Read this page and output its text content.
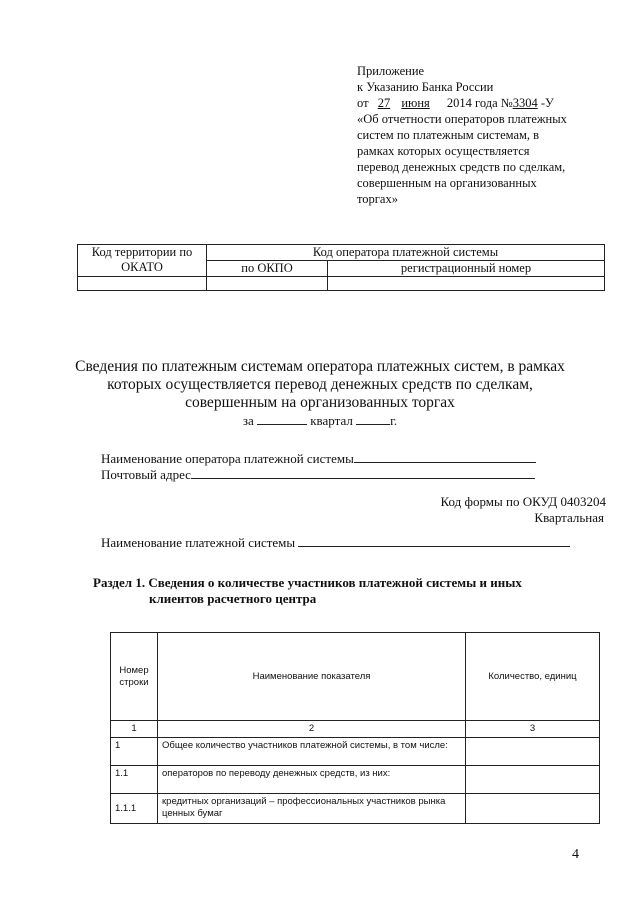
Приложение
к Указанию Банка России
от 27 июня 2014 года №3304 -У
«Об отчетности операторов платежных
систем по платежным системам, в
рамках которых осуществляется
перевод денежных средств по сделкам,
совершенным на организованных
торгах»
Код территории по ОКАТО	Код оператора платежной системы	
	по ОКПО	регистрационный номер

Сведения по платежным системам оператора платежных систем, в рамках
которых осуществляется перевод денежных средств по сделкам,
совершенным на организованных торгах
за	квартал	г.
Наименование оператора платежной системы
Почтовый адрес
Код формы по ОКУД 0403204
Квартальная
Наименование платежной системы
Раздел 1. Сведения о количестве участников платежной системы и иных
клиентов расчетного центра
Номер строки	Наименование показателя	Количество, единиц
1	2	3
1	Общее количество участников платежной системы, в том числе:	
1.1	операторов по переводу денежных средств, из них:	
1.1.1	кредитных организаций – профессиональных участников рынка ценных бумаг	
4
